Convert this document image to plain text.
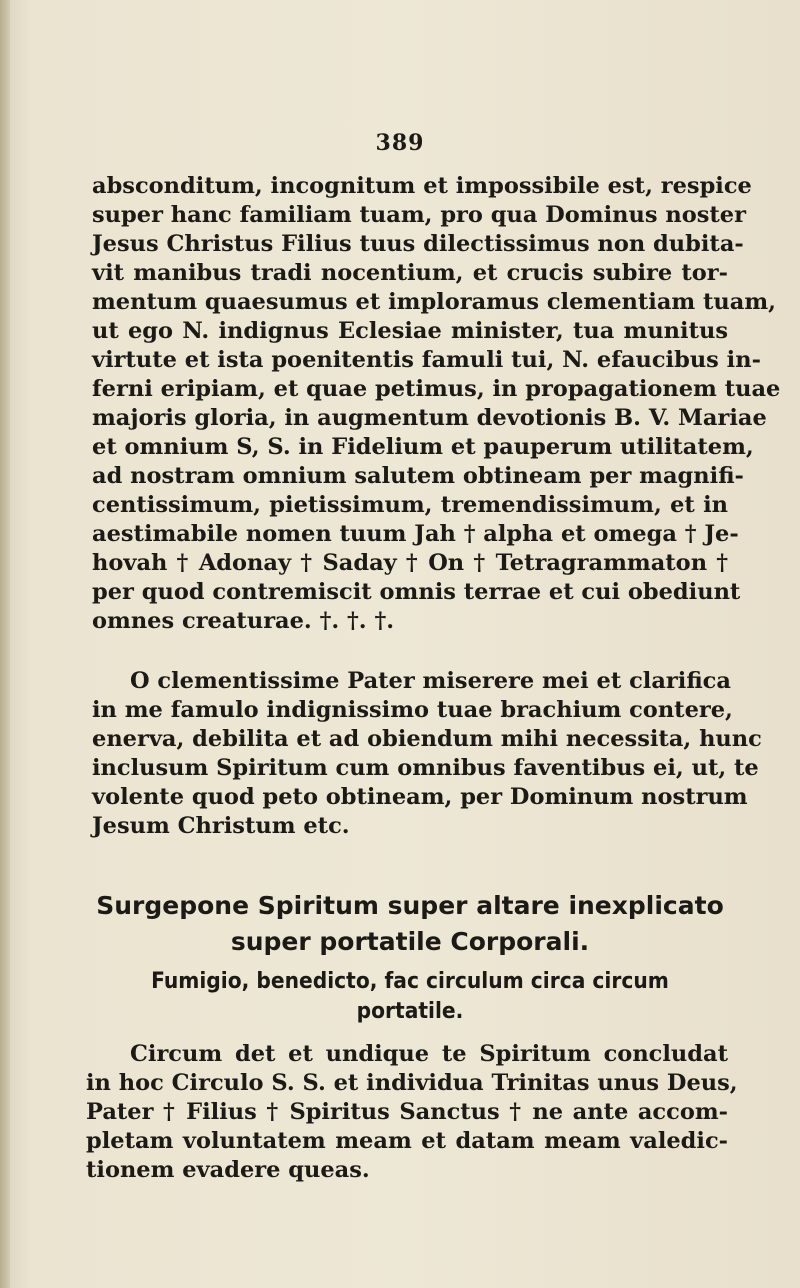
389
absconditum, incognitum et impossibile est, respice
super hanc familiam tuam, pro qua Dominus noster
Jesus Christus Filius tuus dilectissimus non dubita-
vit manibus tradi nocentium, et crucis subire tor-
mentum quaesumus et imploramus clementiam tuam,
ut ego N. indignus Eclesiae minister, tua munitus
virtute et ista poenitentis famuli tui, N. efaucibus in-
ferni eripiam, et quae petimus, in propagationem tuae
majoris gloria, in augmentum devotionis B. V. Mariae
et omnium S, S. in Fidelium et pauperum utilitatem,
ad nostram omnium salutem obtineam per magnifi-
centissimum, pietissimum, tremendissimum, et in
aestimabile nomen tuum Jah † alpha et omega † Je-
hovah † Adonay † Saday † On † Tetragrammaton †
per quod contremiscit omnis terrae et cui obediunt
omnes creaturae. †. †. †.
O clementissime Pater miserere mei et clarifica
in me famulo indignissimo tuae brachium contere,
enerva, debilita et ad obiendum mihi necessita, hunc
inclusum Spiritum cum omnibus faventibus ei, ut, te
volente quod peto obtineam, per Dominum nostrum
Jesum Christum etc.
Surgepone Spiritum super altare inexplicato
super portatile Corporali.
Fumigio, benedicto, fac circulum circa circum
portatile.
Circum det et undique te Spiritum concludat
in hoc Circulo S. S. et individua Trinitas unus Deus,
Pater † Filius † Spiritus Sanctus † ne ante accom-
pletam voluntatem meam et datam meam valedic-
tionem evadere queas.
